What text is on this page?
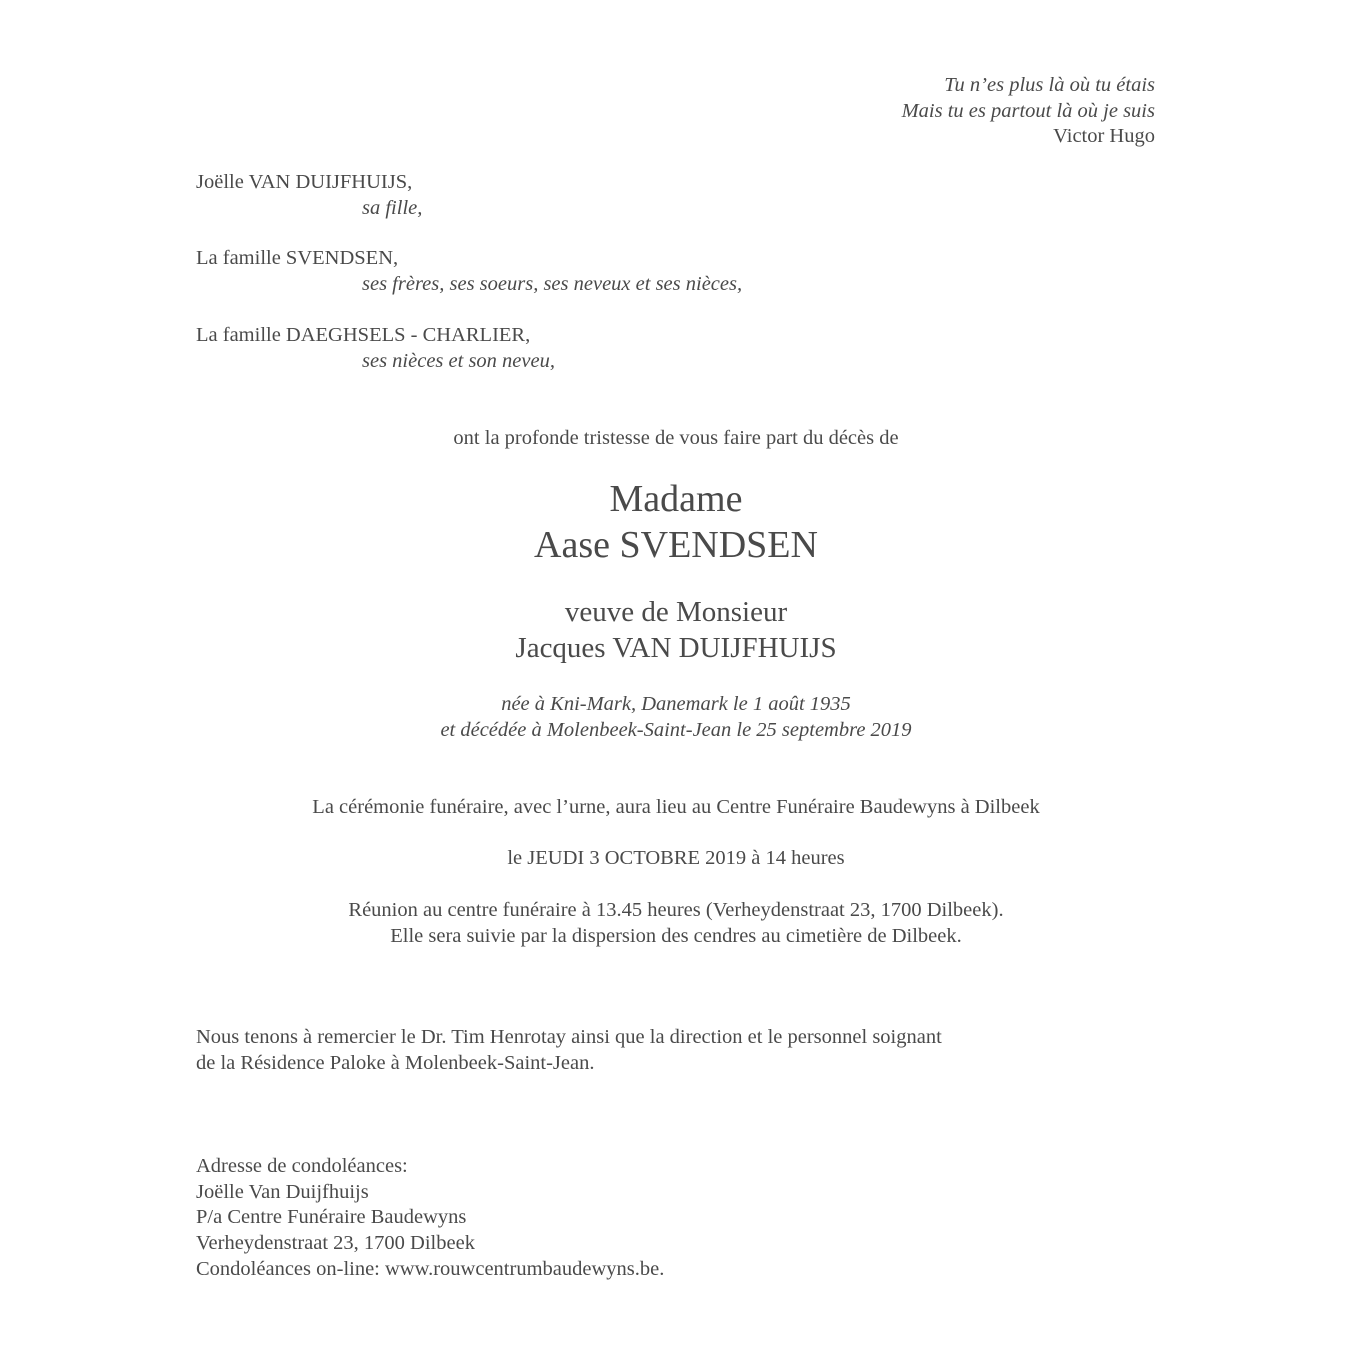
Tu n’es plus là où tu étais
Mais tu es partout là où je suis
Victor Hugo
Joëlle VAN DUIJFHUIJS,
sa fille,
La famille SVENDSEN,
ses frères, ses soeurs, ses neveux et ses nièces,
La famille DAEGHSELS - CHARLIER,
ses nièces et son neveu,
ont la profonde tristesse de vous faire part du décès de
Madame
Aase SVENDSEN
veuve de Monsieur
Jacques VAN DUIJFHUIJS
née à Kni-Mark, Danemark le 1 août 1935
et décédée à Molenbeek-Saint-Jean le 25 septembre 2019
La cérémonie funéraire, avec l’urne, aura lieu au Centre Funéraire Baudewyns à Dilbeek
le JEUDI 3 OCTOBRE 2019 à 14 heures
Réunion au centre funéraire à 13.45 heures (Verheydenstraat 23, 1700 Dilbeek).
Elle sera suivie par la dispersion des cendres au cimetière de Dilbeek.
Nous tenons à remercier le Dr. Tim Henrotay ainsi que la direction et le personnel soignant
de la Résidence Paloke à Molenbeek-Saint-Jean.
Adresse de condoléances:
Joëlle Van Duijfhuijs
P/a Centre Funéraire Baudewyns
Verheydenstraat 23, 1700 Dilbeek
Condoléances on-line: www.rouwcentrumbaudewyns.be.
